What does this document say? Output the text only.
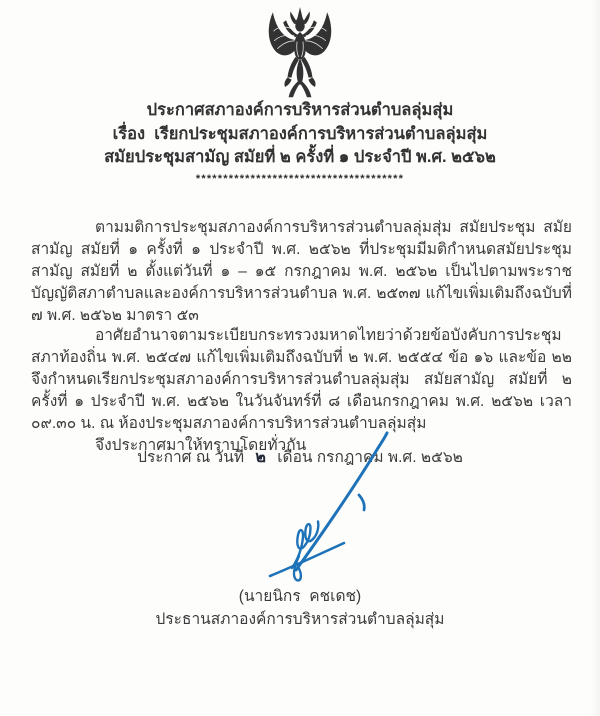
ประกาศสภาองค์การบริหารส่วนตำบลลุ่มสุ่ม
เรื่อง  เรียกประชุมสภาองค์การบริหารส่วนตำบลลุ่มสุ่ม
สมัยประชุมสามัญ สมัยที่ ๒ ครั้งที่ ๑ ประจำปี พ.ศ. ๒๕๖๒
**************************************

ตามมติการประชุมสภาองค์การบริหารส่วนตำบลลุ่มสุ่ม สมัยประชุม สมัยสามัญ สมัยที่ ๑ ครั้งที่ ๑ ประจำปี พ.ศ. ๒๕๖๒ ที่ประชุมมีมติกำหนดสมัยประชุมสามัญ สมัยที่ ๒ ตั้งแต่วันที่ ๑ – ๑๕ กรกฎาคม พ.ศ. ๒๕๖๒ เป็นไปตามพระราชบัญญัติสภาตำบลและองค์การบริหารส่วนตำบล พ.ศ. ๒๕๓๗ แก้ไขเพิ่มเติมถึงฉบับที่ ๗ พ.ศ. ๒๕๖๒ มาตรา ๕๓

อาศัยอำนาจตามระเบียบกระทรวงมหาดไทยว่าด้วยข้อบังคับการประชุมสภาท้องถิ่น พ.ศ. ๒๕๔๗ แก้ไขเพิ่มเติมถึงฉบับที่ ๒ พ.ศ. ๒๕๕๔ ข้อ ๑๖ และข้อ ๒๒ จึงกำหนดเรียกประชุมสภาองค์การบริหารส่วนตำบลลุ่มสุ่ม สมัยสามัญ สมัยที่ ๒ ครั้งที่ ๑ ประจำปี พ.ศ. ๒๕๖๒ ในวันจันทร์ที่ ๘ เดือนกรกฎาคม พ.ศ. ๒๕๖๒ เวลา ๐๙.๓๐ น. ณ ห้องประชุมสภาองค์การบริหารส่วนตำบลลุ่มสุ่ม

จึงประกาศมาให้ทราบโดยทั่วกัน

ประกาศ ณ วันที่ ๒ เดือน กรกฎาคม พ.ศ. ๒๕๖๒
(นายนิกร  คชเดช)
ประธานสภาองค์การบริหารส่วนตำบลลุ่มสุ่ม
